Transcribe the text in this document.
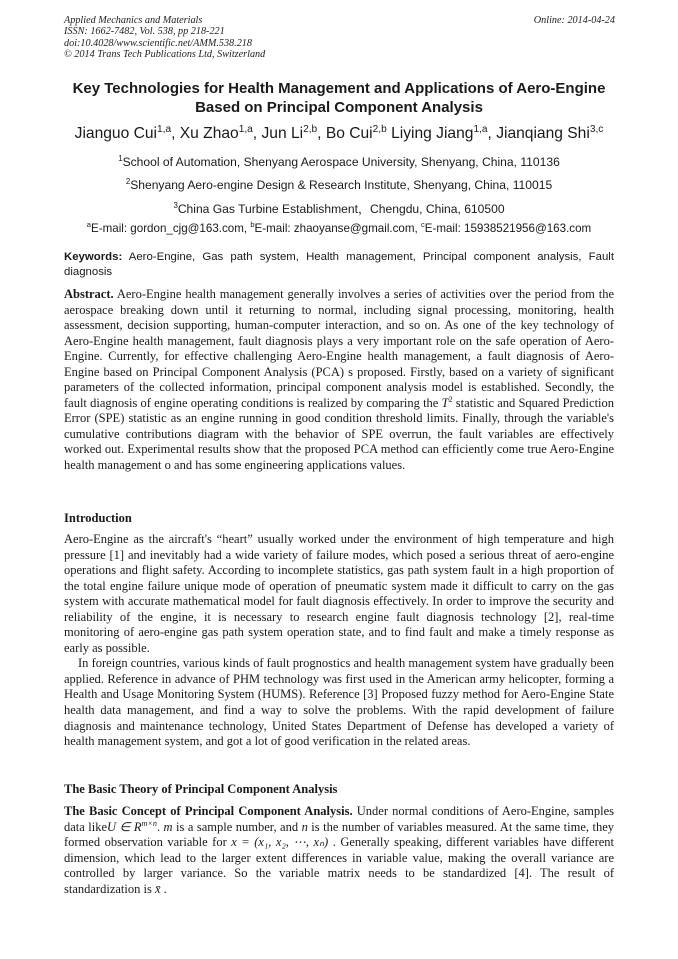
Applied Mechanics and Materials
ISSN: 1662-7482, Vol. 538, pp 218-221
doi:10.4028/www.scientific.net/AMM.538.218
© 2014 Trans Tech Publications Ltd, Switzerland
Online: 2014-04-24
Key Technologies for Health Management and Applications of Aero-Engine Based on Principal Component Analysis
Jianguo Cui$^{1,a}$, Xu Zhao$^{1,a}$, Jun Li$^{2,b}$, Bo Cui$^{2,b}$ Liying Jiang$^{1,a}$, Jianqiang Shi$^{3,c}$
$^1$School of Automation, Shenyang Aerospace University, Shenyang, China, 110136
$^2$Shenyang Aero-engine Design & Research Institute, Shenyang, China, 110015
$^3$China Gas Turbine Establishment，Chengdu, China, 610500
$^a$E-mail: gordon_cjg@163.com, $^b$E-mail: zhaoyanse@gmail.com, $^c$E-mail: 15938521956@163.com
Keywords: Aero-Engine, Gas path system, Health management, Principal component analysis, Fault diagnosis
Abstract. Aero-Engine health management generally involves a series of activities over the period from the aerospace breaking down until it returning to normal, including signal processing, monitoring, health assessment, decision supporting, human-computer interaction, and so on. As one of the key technology of Aero-Engine health management, fault diagnosis plays a very important role on the safe operation of Aero-Engine. Currently, for effective challenging Aero-Engine health management, a fault diagnosis of Aero-Engine based on Principal Component Analysis (PCA) s proposed. Firstly, based on a variety of significant parameters of the collected information, principal component analysis model is established. Secondly, the fault diagnosis of engine operating conditions is realized by comparing the $T^2$ statistic and Squared Prediction Error (SPE) statistic as an engine running in good condition threshold limits. Finally, through the variable's cumulative contributions diagram with the behavior of SPE overrun, the fault variables are effectively worked out. Experimental results show that the proposed PCA method can efficiently come true Aero-Engine health management o and has some engineering applications values.
Introduction
Aero-Engine as the aircraft's “heart” usually worked under the environment of high temperature and high pressure [1] and inevitably had a wide variety of failure modes, which posed a serious threat of aero-engine operations and flight safety. According to incomplete statistics, gas path system fault in a high proportion of the total engine failure unique mode of operation of pneumatic system made it difficult to carry on the gas system with accurate mathematical model for fault diagnosis effectively. In order to improve the security and reliability of the engine, it is necessary to research engine fault diagnosis technology [2], real-time monitoring of aero-engine gas path system operation state, and to find fault and make a timely response as early as possible.
In foreign countries, various kinds of fault prognostics and health management system have gradually been applied. Reference in advance of PHM technology was first used in the American army helicopter, forming a Health and Usage Monitoring System (HUMS). Reference [3] Proposed fuzzy method for Aero-Engine State health data management, and find a way to solve the problems. With the rapid development of failure diagnosis and maintenance technology, United States Department of Defense has developed a variety of health management system, and got a lot of good verification in the related areas.
The Basic Theory of Principal Component Analysis
The Basic Concept of Principal Component Analysis. Under normal conditions of Aero-Engine, samples data likeU ∈ $R^{m\times n}$. m is a sample number, and n is the number of variables measured. At the same time, they formed observation variable for x = (x₁, x₂, ⋯, xₙ) . Generally speaking, different variables have different dimension, which lead to the larger extent differences in variable value, making the overall variance are controlled by larger variance. So the variable matrix needs to be standardized [4]. The result of standardization is x̄ .
